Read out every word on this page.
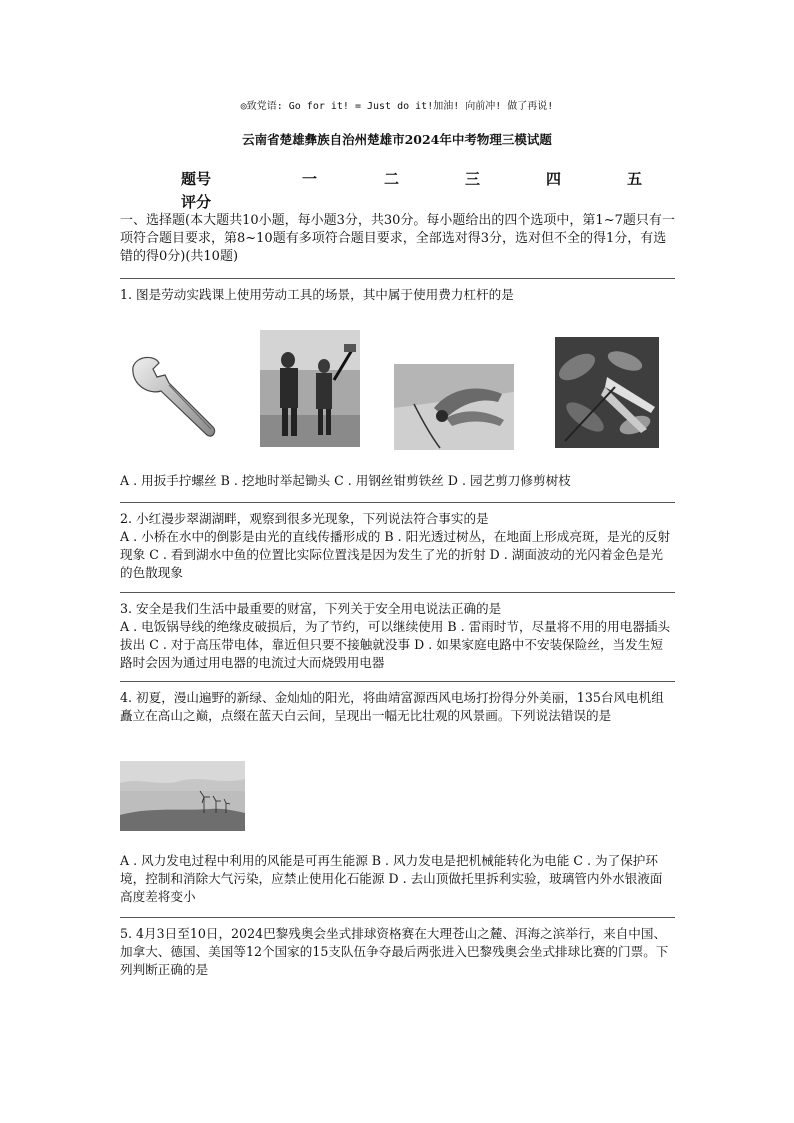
◎致党语: Go for it! = Just do it!加油! 向前冲! 做了再说!
云南省楚雄彝族自治州楚雄市2024年中考物理三模试题
题号	一	二	三	四	五
评分
一、选择题(本大题共10小题，每小题3分，共30分。每小题给出的四个选项中，第1~7题只有一项符合题目要求，第8~10题有多项符合题目要求，全部选对得3分，选对但不全的得1分，有选错的得0分)(共10题)
1. 图是劳动实践课上使用劳动工具的场景，其中属于使用费力杠杆的是
A . 用扳手拧螺丝 B . 挖地时举起锄头 C . 用钢丝钳剪铁丝 D . 园艺剪刀修剪树枝
2. 小红漫步翠湖湖畔，观察到很多光现象，下列说法符合事实的是
A . 小桥在水中的倒影是由光的直线传播形成的 B . 阳光透过树丛，在地面上形成亮斑，是光的反射现象 C . 看到湖水中鱼的位置比实际位置浅是因为发生了光的折射 D . 湖面波动的光闪着金色是光的色散现象
3. 安全是我们生活中最重要的财富，下列关于安全用电说法正确的是
A . 电饭锅导线的绝缘皮破损后，为了节约，可以继续使用 B . 雷雨时节，尽量将不用的用电器插头拔出 C . 对于高压带电体，靠近但只要不接触就没事 D . 如果家庭电路中不安装保险丝，当发生短路时会因为通过用电器的电流过大而烧毁用电器
4. 初夏，漫山遍野的新绿、金灿灿的阳光，将曲靖富源西风电场打扮得分外美丽，135台风电机组矗立在高山之巅，点缀在蓝天白云间，呈现出一幅无比壮观的风景画。下列说法错误的是
A . 风力发电过程中利用的风能是可再生能源 B . 风力发电是把机械能转化为电能 C . 为了保护环境，控制和消除大气污染，应禁止使用化石能源 D . 去山顶做托里拆利实验，玻璃管内外水银液面高度差将变小
5. 4月3日至10日，2024巴黎残奥会坐式排球资格赛在大理苍山之麓、洱海之滨举行，来自中国、加拿大、德国、美国等12个国家的15支队伍争夺最后两张进入巴黎残奥会坐式排球比赛的门票。下列判断正确的是
